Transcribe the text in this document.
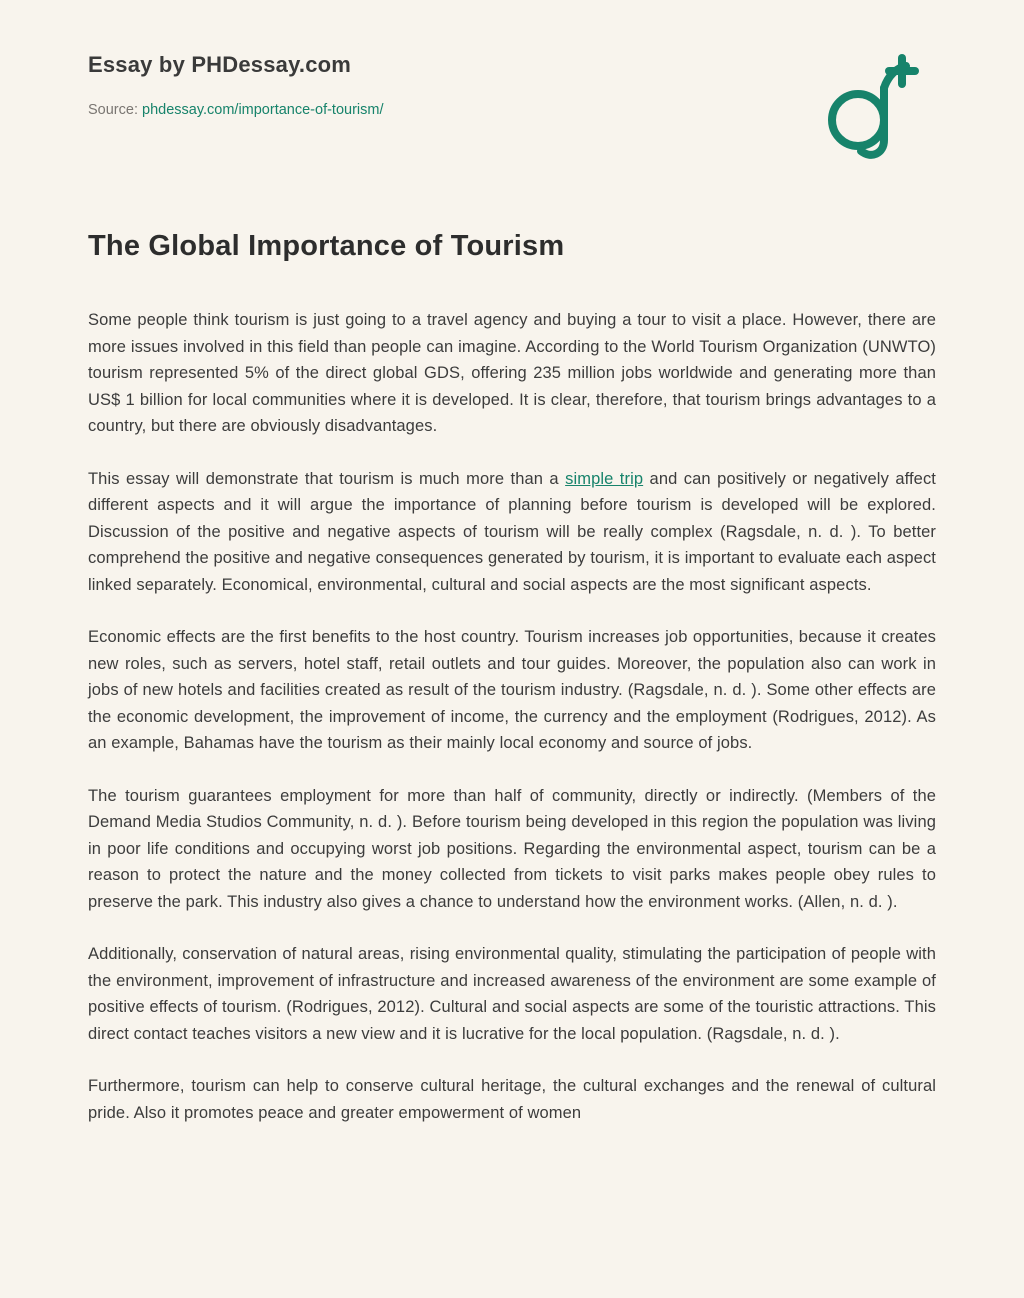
Essay by PHDessay.com
Source: phdessay.com/importance-of-tourism/
The Global Importance of Tourism

Some people think tourism is just going to a travel agency and buying a tour to visit a place. However, there are more issues involved in this field than people can imagine. According to the World Tourism Organization (UNWTO) tourism represented 5% of the direct global GDS, offering 235 million jobs worldwide and generating more than US$ 1 billion for local communities where it is developed. It is clear, therefore, that tourism brings advantages to a country, but there are obviously disadvantages.

This essay will demonstrate that tourism is much more than a simple trip and can positively or negatively affect different aspects and it will argue the importance of planning before tourism is developed will be explored. Discussion of the positive and negative aspects of tourism will be really complex (Ragsdale, n. d. ). To better comprehend the positive and negative consequences generated by tourism, it is important to evaluate each aspect linked separately. Economical, environmental, cultural and social aspects are the most significant aspects.

Economic effects are the first benefits to the host country. Tourism increases job opportunities, because it creates new roles, such as servers, hotel staff, retail outlets and tour guides. Moreover, the population also can work in jobs of new hotels and facilities created as result of the tourism industry. (Ragsdale, n. d. ). Some other effects are the economic development, the improvement of income, the currency and the employment (Rodrigues, 2012). As an example, Bahamas have the tourism as their mainly local economy and source of jobs.

The tourism guarantees employment for more than half of community, directly or indirectly. (Members of the Demand Media Studios Community, n. d. ). Before tourism being developed in this region the population was living in poor life conditions and occupying worst job positions. Regarding the environmental aspect, tourism can be a reason to protect the nature and the money collected from tickets to visit parks makes people obey rules to preserve the park. This industry also gives a chance to understand how the environment works. (Allen, n. d. ).

Additionally, conservation of natural areas, rising environmental quality, stimulating the participation of people with the environment, improvement of infrastructure and increased awareness of the environment are some example of positive effects of tourism. (Rodrigues, 2012). Cultural and social aspects are some of the touristic attractions. This direct contact teaches visitors a new view and it is lucrative for the local population. (Ragsdale, n. d. ).

Furthermore, tourism can help to conserve cultural heritage, the cultural exchanges and the renewal of cultural pride. Also it promotes peace and greater empowerment of women
